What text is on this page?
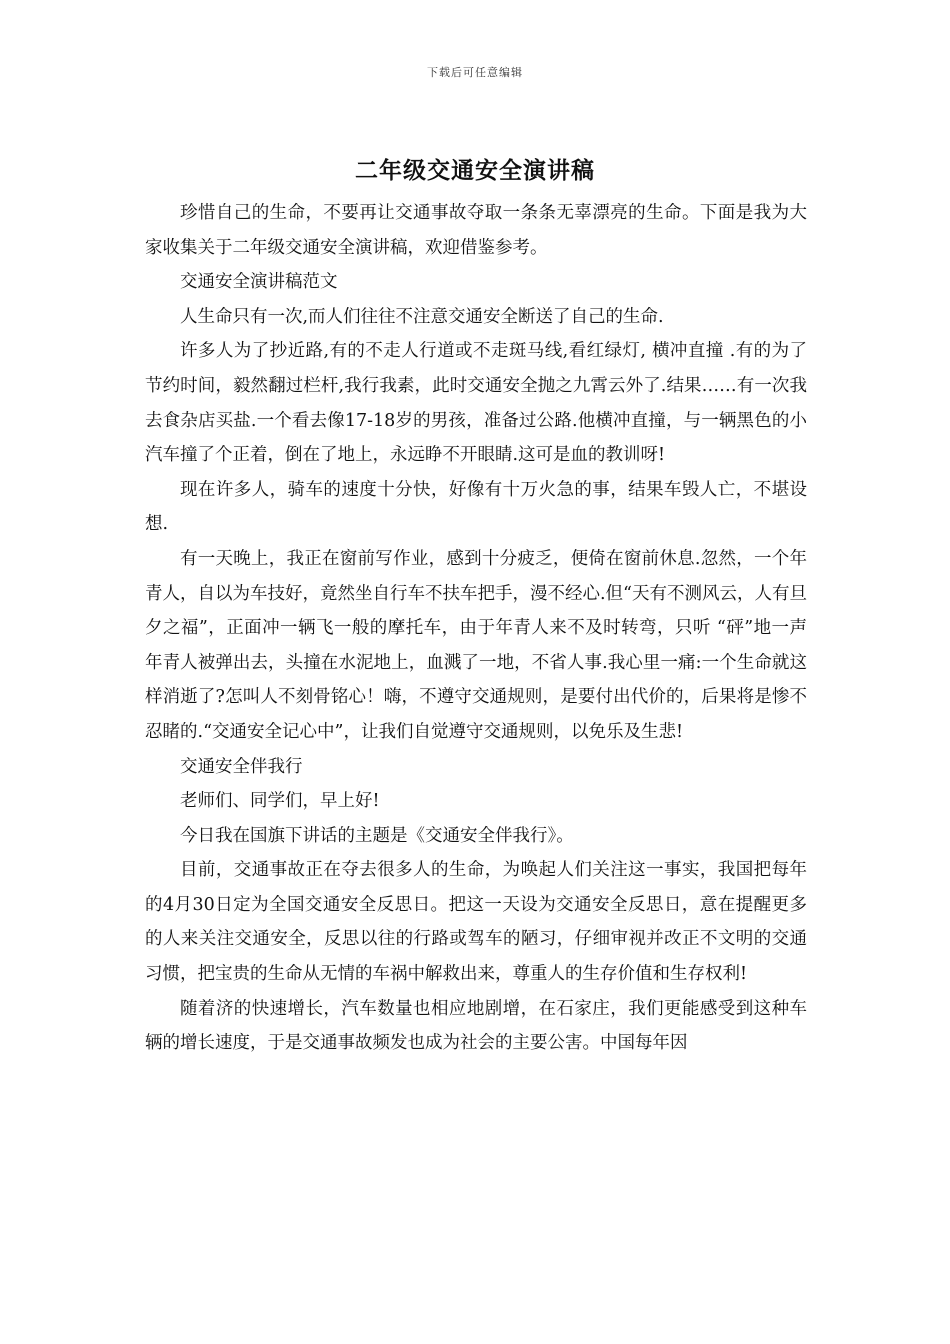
下载后可任意编辑
二年级交通安全演讲稿

珍惜自己的生命，不要再让交通事故夺取一条条无辜漂亮的生命。下面是我为大家收集关于二年级交通安全演讲稿，欢迎借鉴参考。

交通安全演讲稿范文

人生命只有一次,而人们往往不注意交通安全断送了自己的生命.

许多人为了抄近路,有的不走人行道或不走斑马线,看红绿灯, 横冲直撞 .有的为了节约时间，毅然翻过栏杆,我行我素，此时交通安全抛之九霄云外了.结果……有一次我去食杂店买盐.一个看去像17-18岁的男孩，准备过公路.他横冲直撞，与一辆黑色的小汽车撞了个正着，倒在了地上，永远睁不开眼睛.这可是血的教训呀!

现在许多人，骑车的速度十分快，好像有十万火急的事，结果车毁人亡，不堪设想.

有一天晚上，我正在窗前写作业，感到十分疲乏，便倚在窗前休息.忽然，一个年青人，自以为车技好，竟然坐自行车不扶车把手，漫不经心.但“天有不测风云，人有旦夕之福”，正面冲一辆飞一般的摩托车，由于年青人来不及时转弯，只听 “砰”地一声年青人被弹出去，头撞在水泥地上，血溅了一地，不省人事.我心里一痛:一个生命就这样消逝了?怎叫人不刻骨铭心！嗨，不遵守交通规则，是要付出代价的，后果将是惨不忍睹的.“交通安全记心中”，让我们自觉遵守交通规则，以免乐及生悲!

交通安全伴我行

老师们、同学们，早上好!

今日我在国旗下讲话的主题是《交通安全伴我行》。

目前，交通事故正在夺去很多人的生命，为唤起人们关注这一事实，我国把每年的4月30日定为全国交通安全反思日。把这一天设为交通安全反思日，意在提醒更多的人来关注交通安全，反思以往的行路或驾车的陋习，仔细审视并改正不文明的交通习惯，把宝贵的生命从无情的车祸中解救出来，尊重人的生存价值和生存权利!

随着济的快速增长，汽车数量也相应地剧增，在石家庄，我们更能感受到这种车辆的增长速度，于是交通事故频发也成为社会的主要公害。中国每年因
